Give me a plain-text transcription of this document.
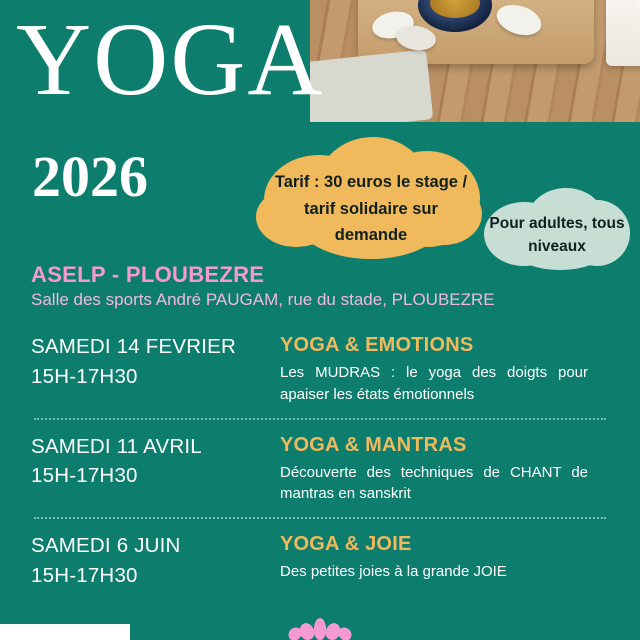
YOGA
2026	Tarif : 30 euros le stage / tarif solidaire sur demande
Pour adultes, tous niveaux
ASELP - PLOUBEZRE
Salle des sports André PAUGAM, rue du stade, PLOUBEZRE
SAMEDI 14 FEVRIER
15H-17H30
YOGA & EMOTIONS
Les MUDRAS : le yoga des doigts pour apaiser les états émotionnels
SAMEDI 11 AVRIL
15H-17H30
YOGA & MANTRAS
Découverte des techniques de CHANT de mantras en sanskrit
SAMEDI 6 JUIN
15H-17H30
YOGA & JOIE
Des petites joies à la grande JOIE
